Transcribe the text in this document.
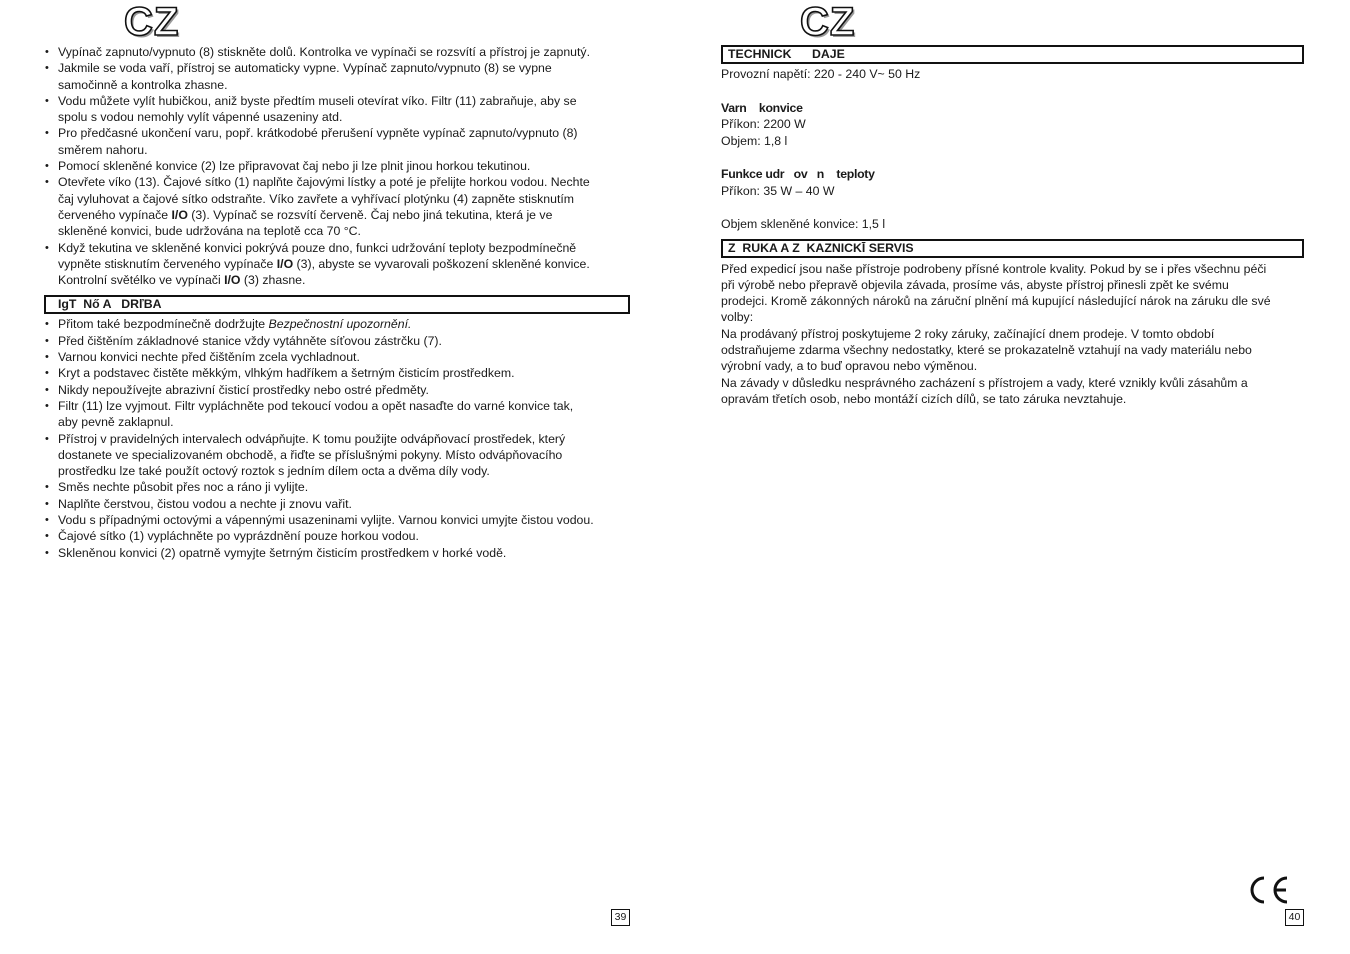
CZ
• Vypínač zapnuto/vypnuto (8) stiskněte dolů. Kontrolka ve vypínači se rozsvítí a přístroj je zapnutý.
• Jakmile se voda vaří, přístroj se automaticky vypne. Vypínač zapnuto/vypnuto (8) se vypne
samočinně a kontrolka zhasne.
• Vodu můžete vylít hubičkou, aniž byste předtím museli otevírat víko. Filtr (11) zabraňuje, aby se
spolu s vodou nemohly vylít vápenné usazeniny atd.
• Pro předčasné ukončení varu, popř. krátkodobé přerušení vypněte vypínač zapnuto/vypnuto (8)
směrem nahoru.
• Pomocí skleněné konvice (2) lze připravovat čaj nebo ji lze plnit jinou horkou tekutinou.
• Otevřete víko (13). Čajové sítko (1) naplňte čajovými lístky a poté je přelijte horkou vodou. Nechte
čaj vyluhovat a čajové sítko odstraňte. Víko zavřete a vyhřívací plotýnku (4) zapněte stisknutím
červeného vypínače I/O (3). Vypínač se rozsvítí červeně. Čaj nebo jiná tekutina, která je ve
skleněné konvici, bude udržována na teplotě cca 70 °C.
• Když tekutina ve skleněné konvici pokrývá pouze dno, funkci udržování teploty bezpodmínečně
vypněte stisknutím červeného vypínače I/O (3), abyste se vyvarovali poškození skleněné konvice.
Kontrolní světélko ve vypínači I/O (3) zhasne.
IgT  Nő A   DRľBA
• Přitom také bezpodmínečně dodržujte Bezpečnostní upozornění.
• Před čištěním základnové stanice vždy vytáhněte síťovou zástrčku (7).
• Varnou konvici nechte před čištěním zcela vychladnout.
• Kryt a podstavec čistěte měkkým, vlhkým hadříkem a šetrným čisticím prostředkem.
• Nikdy nepoužívejte abrazivní čisticí prostředky nebo ostré předměty.
• Filtr (11) lze vyjmout. Filtr vypláchněte pod tekoucí vodou a opět nasaďte do varné konvice tak,
aby pevně zaklapnul.
• Přístroj v pravidelných intervalech odvápňujte. K tomu použijte odvápňovací prostředek, který
dostanete ve specializovaném obchodě, a řiďte se příslušnými pokyny. Místo odvápňovacího
prostředku lze také použít octový roztok s jedním dílem octa a dvěma díly vody.
• Směs nechte působit přes noc a ráno ji vylijte.
• Naplňte čerstvou, čistou vodou a nechte ji znovu vařit.
• Vodu s případnými octovými a vápennými usazeninami vylijte. Varnou konvici umyjte čistou vodou.
• Čajové sítko (1) vypláchněte po vyprázdnění pouze horkou vodou.
• Skleněnou konvici (2) opatrně vymyjte šetrným čisticím prostředkem v horké vodě.
39
CZ
TECHNICK      DAJE

Provozní napětí: 220 - 240 V~ 50 Hz

Varn    konvice

Příkon: 2200 W

Objem: 1,8 l

Funkce udr   ov   n    teploty

Příkon: 35 W – 40 W

Objem skleněné konvice: 1,5 l

Z  RUKA A Z  KAZNICKĪ SERVIS

Před expedicí jsou naše přístroje podrobeny přísné kontrole kvality. Pokud by se i přes všechnu péči
při výrobě nebo přepravě objevila závada, prosíme vás, abyste přístroj přinesli zpět ke svému
prodejci. Kromě zákonných nároků na záruční plnění má kupující následující nárok na záruku dle své
volby:

Na prodávaný přístroj poskytujeme 2 roky záruky, začínající dnem prodeje. V tomto období
odstraňujeme zdarma všechny nedostatky, které se prokazatelně vztahují na vady materiálu nebo
výrobní vady, a to buď opravou nebo výměnou.

Na závady v důsledku nesprávného zacházení s přístrojem a vady, které vznikly kvůli zásahům a
opravám třetích osob, nebo montáží cizích dílů, se tato záruka nevztahuje.

40
